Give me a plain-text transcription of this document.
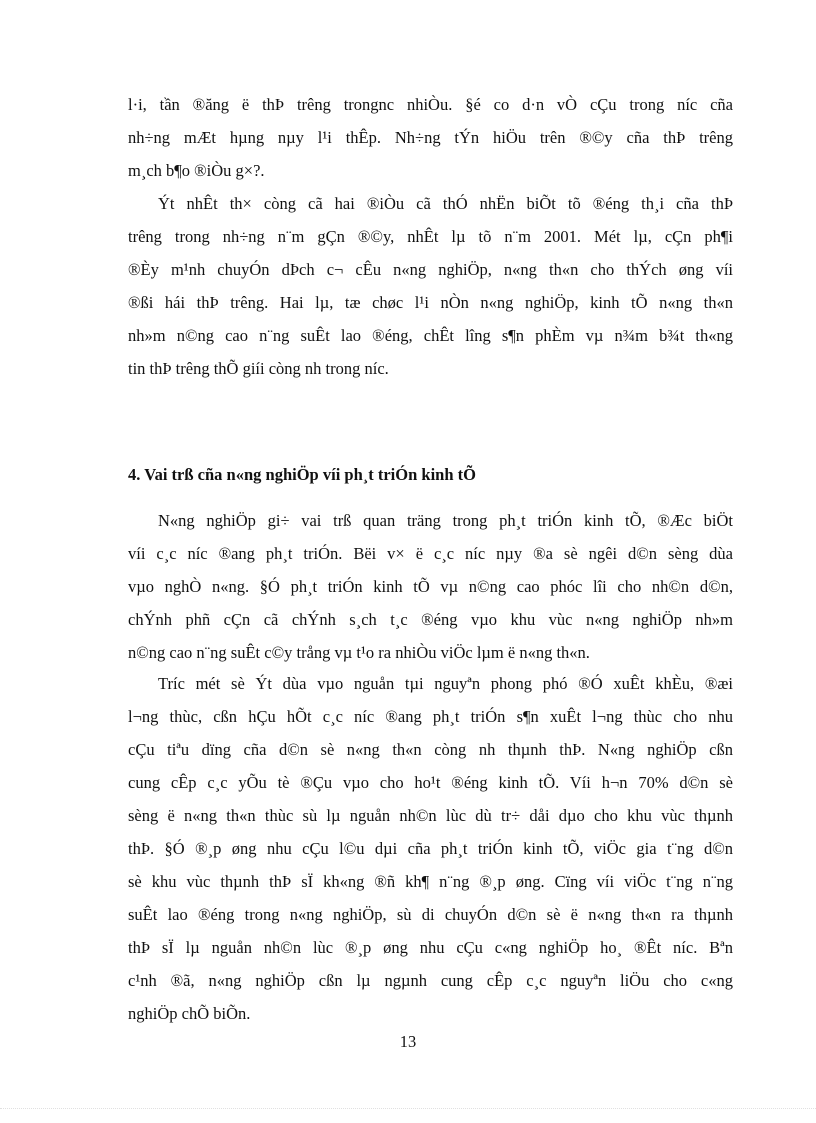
l·i, tần ®ăng ë thÞ trêng trongnc nhiÒu. §é co d·n vÒ cÇu trong níc cña
nh÷ng mÆt hµng nµy l¹i thÊp. Nh÷ng tÝn hiÖu trên ®©y cña thÞ trêng
m¸ch b¶o ®iÒu g×?.
Ýt nhÊt th× còng cã hai ®iÒu cã thÓ nhËn biÕt tõ ®éng th¸i cña thÞ
trêng trong nh÷ng n¨m gÇn ®©y, nhÊt lµ tõ n¨m 2001. Mét lµ, cÇn ph¶i
®Èy m¹nh chuyÓn dÞch c¬ cÊu n«ng nghiÖp, n«ng th«n cho thÝch øng víi
®ßi hái thÞ trêng. Hai lµ, tæ chøc l¹i nÒn n«ng nghiÖp, kinh tÕ n«ng th«n
nh»m n©ng cao n¨ng suÊt lao ®éng, chÊt lîng s¶n phÈm vµ n¾m b¾t th«ng
tin thÞ trêng thÕ giíi còng nh trong níc.
4. Vai trß cña n«ng nghiÖp víi ph¸t triÓn kinh tÕ
N«ng nghiÖp gi÷ vai trß quan träng trong ph¸t triÓn kinh tÕ, ®Æc biÖt
víi c¸c níc ®ang ph¸t triÓn. Bëi v× ë c¸c níc nµy ®a sè ngêi d©n sèng dùa
vµo nghÒ n«ng. §Ó ph¸t triÓn kinh tÕ vµ n©ng cao phóc lîi cho nh©n d©n,
chÝnh phñ cÇn cã chÝnh s¸ch t¸c ®éng vµo khu vùc n«ng nghiÖp nh»m
n©ng cao n¨ng suÊt c©y trång vµ t¹o ra nhiÒu viÖc lµm ë n«ng th«n.
Tríc mét sè Ýt dùa vµo nguån tµi nguyªn phong phó ®Ó xuÊt khÈu, ®æi
l¬ng thùc, cßn hÇu hÕt c¸c níc ®ang ph¸t triÓn s¶n xuÊt l¬ng thùc cho nhu
cÇu tiªu dïng cña d©n sè n«ng th«n còng nh thµnh thÞ. N«ng nghiÖp cßn
cung cÊp c¸c yÕu tè ®Çu vµo cho ho¹t ®éng kinh tÕ. Víi h¬n 70% d©n sè
sèng ë n«ng th«n thùc sù lµ nguån nh©n lùc dù tr÷ dåi dµo cho khu vùc thµnh
thÞ. §Ó ®¸p øng nhu cÇu l©u dµi cña ph¸t triÓn kinh tÕ, viÖc gia t¨ng d©n
sè khu vùc thµnh thÞ sÏ kh«ng ®ñ kh¶ n¨ng ®¸p øng. Cïng víi viÖc t¨ng n¨ng
suÊt lao ®éng trong n«ng nghiÖp, sù di chuyÓn d©n sè ë n«ng th«n ra thµnh
thÞ sÏ lµ nguån nh©n lùc ®¸p øng nhu cÇu c«ng nghiÖp ho¸ ®Êt níc. Bªn
c¹nh ®ã, n«ng nghiÖp cßn lµ ngµnh cung cÊp c¸c nguyªn liÖu cho c«ng
nghiÖp chÕ biÕn.
13
